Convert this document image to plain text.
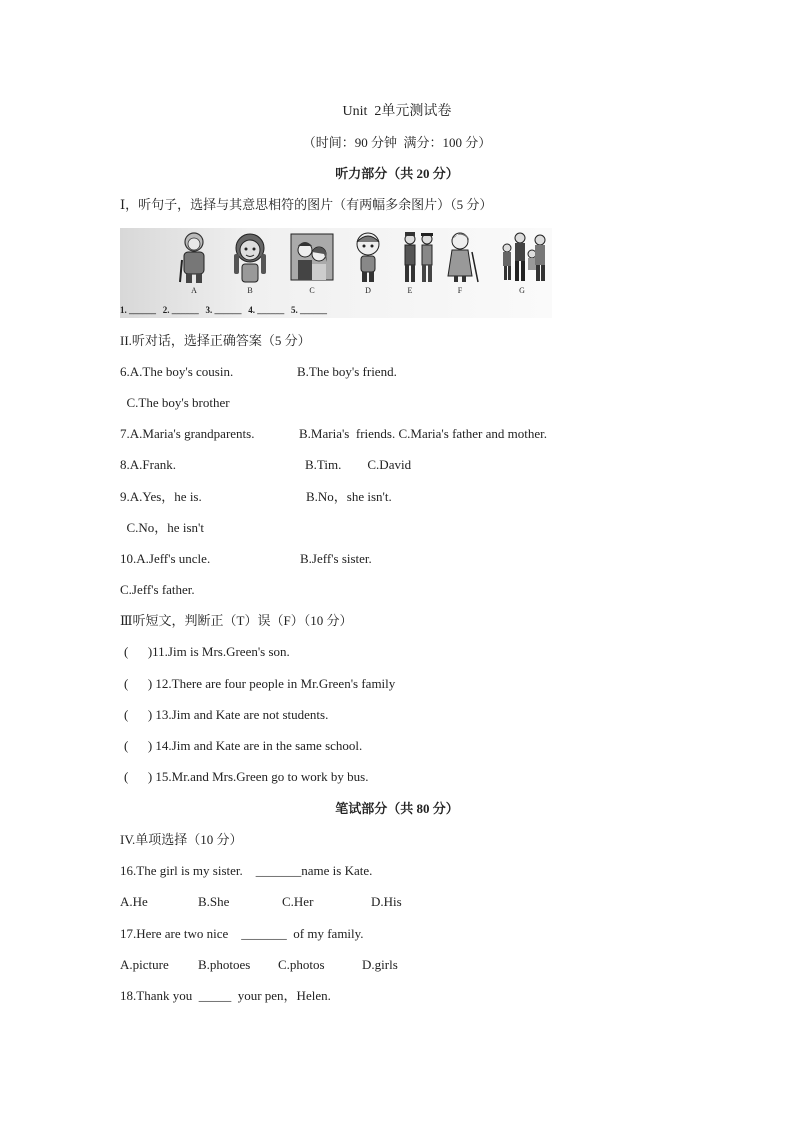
Unit  2单元测试卷
（时间：90 分钟  满分：100 分）
听力部分（共 20 分）
Ⅰ，听句子，选择与其意思相符的图片（有两幅多余图片）（5 分）
A	B	C	D	E	F	G
1. ______   2. ______   3. ______   4. ______   5. ______
II.听对话，选择正确答案（5 分）
6.A.The boy's cousin.	B.The boy's friend.
C.The boy's brother
7.A.Maria's grandparents.	B.Maria's  friends. C.Maria's father and mother.
8.A.Frank.	B.Tim.        C.David
9.A.Yes，he is.	B.No，she isn't.
C.No，he isn't
10.A.Jeff's uncle.	B.Jeff's sister.
C.Jeff's father.
Ⅲ听短文，判断正（T）误（F）（10 分）
(      )11.Jim is Mrs.Green's son.
(      ) 12.There are four people in Mr.Green's family
(      ) 13.Jim and Kate are not students.
(      ) 14.Jim and Kate are in the same school.
(      ) 15.Mr.and Mrs.Green go to work by bus.
笔试部分（共 80 分）
IV.单项选择（10 分）
16.The girl is my sister.    _______name is Kate.
A.He	B.She	C.Her	D.His
17.Here are two nice    _______  of my family.
A.picture B.photoes C.photos	D.girls
18.Thank you  _____  your pen，Helen.
